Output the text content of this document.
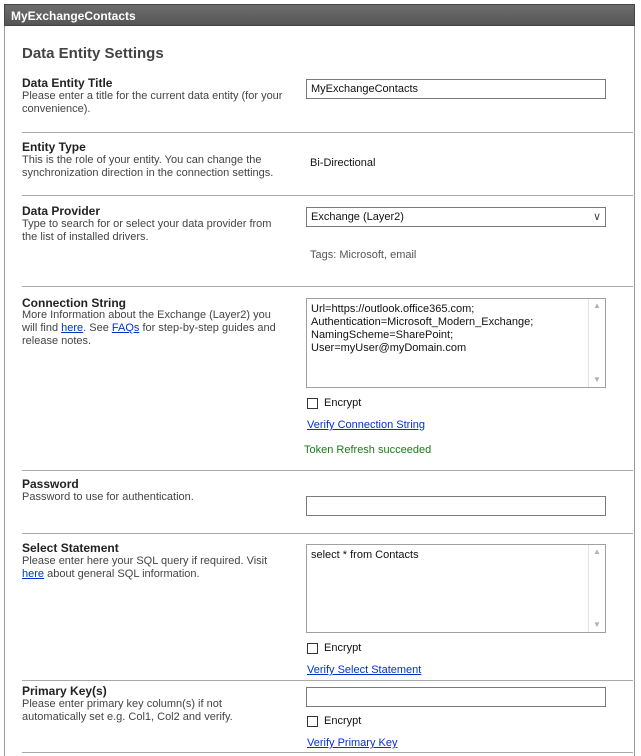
MyExchangeContacts
Data Entity Settings
Data Entity Title
Please enter a title for the current data entity (for your convenience).
MyExchangeContacts
Entity Type
This is the role of your entity. You can change the synchronization direction in the connection settings.
Bi-Directional
Data Provider
Type to search for or select your data provider from the list of installed drivers.
Exchange (Layer2)	∨
Tags: Microsoft, email
Connection String
More Information about the Exchange (Layer2) you will find here. See FAQs for step-by-step guides and release notes.
Url=https://outlook.office365.com;
Authentication=Microsoft_Modern_Exchange;
NamingScheme=SharePoint;
User=myUser@myDomain.com
▲
▼
Encrypt
Verify Connection String
Token Refresh succeeded
Password
Password to use for authentication.
Select Statement
Please enter here your SQL query if required. Visit here about general SQL information.
select * from Contacts	▲
▼
Encrypt
Verify Select Statement
Primary Key(s)
Please enter primary key column(s) if not automatically set e.g. Col1, Col2 and verify.	Encrypt
Verify Primary Key
